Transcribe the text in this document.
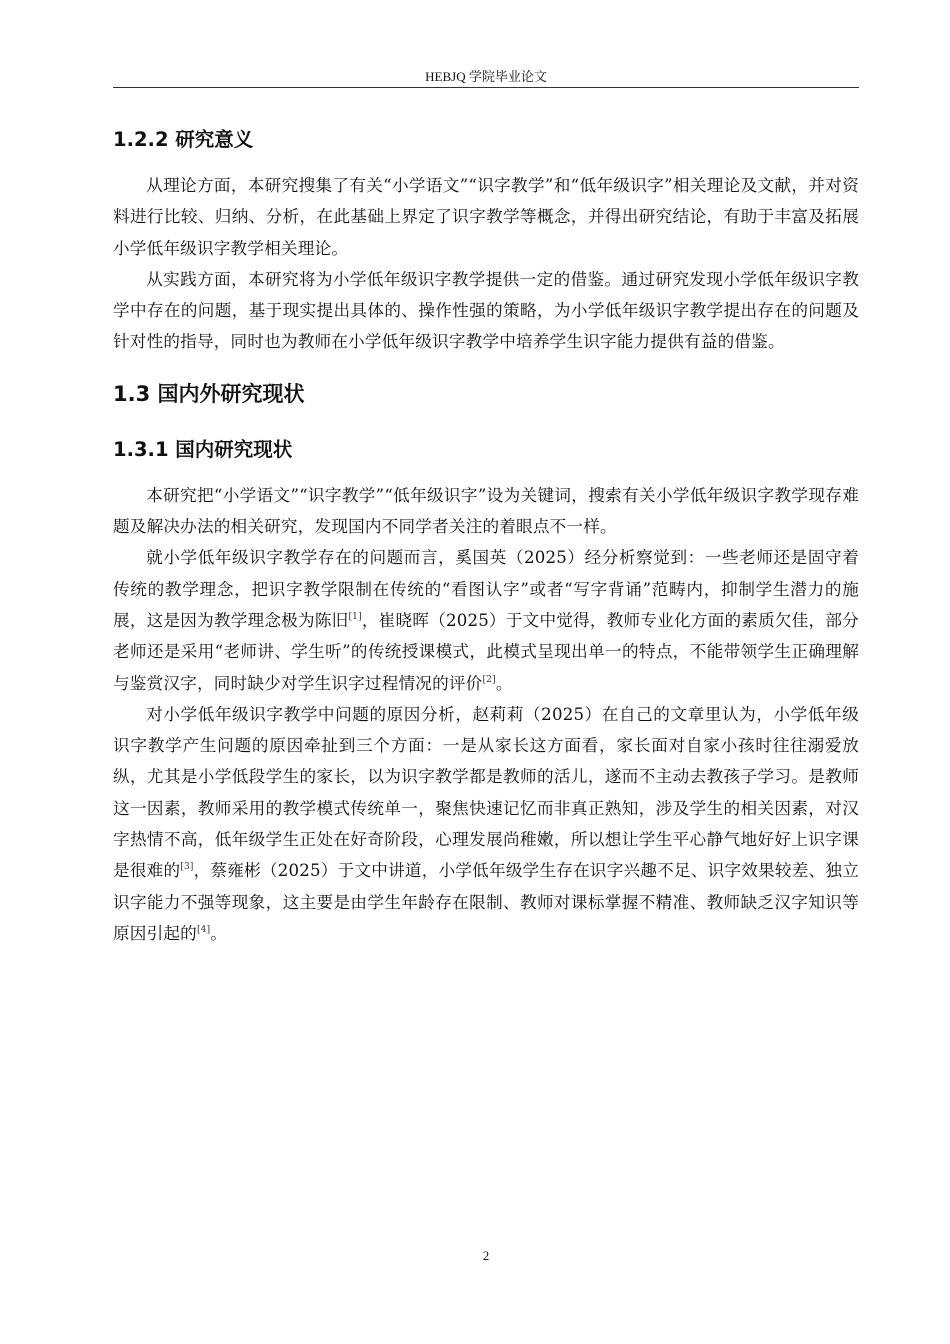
HEBJQ 学院毕业论文
1.2.2 研究意义

从理论方面，本研究搜集了有关“小学语文”“识字教学”和“低年级识字”相关理论及文献，并对资料进行比较、归纳、分析，在此基础上界定了识字教学等概念，并得出研究结论，有助于丰富及拓展小学低年级识字教学相关理论。

从实践方面，本研究将为小学低年级识字教学提供一定的借鉴。通过研究发现小学低年级识字教学中存在的问题，基于现实提出具体的、操作性强的策略，为小学低年级识字教学提出存在的问题及针对性的指导，同时也为教师在小学低年级识字教学中培养学生识字能力提供有益的借鉴。

1.3 国内外研究现状
1.3.1 国内研究现状

本研究把“小学语文”“识字教学”“低年级识字”设为关键词，搜索有关小学低年级识字教学现存难题及解决办法的相关研究，发现国内不同学者关注的着眼点不一样。

就小学低年级识字教学存在的问题而言，奚国英（2025）经分析察觉到：一些老师还是固守着传统的教学理念，把识字教学限制在传统的“看图认字”或者“写字背诵”范畴内，抑制学生潜力的施展，这是因为教学理念极为陈旧[1]，崔晓晖（2025）于文中觉得，教师专业化方面的素质欠佳，部分老师还是采用“老师讲、学生听”的传统授课模式，此模式呈现出单一的特点，不能带领学生正确理解与鉴赏汉字，同时缺少对学生识字过程情况的评价[2]。

对小学低年级识字教学中问题的原因分析，赵莉莉（2025）在自己的文章里认为，小学低年级识字教学产生问题的原因牵扯到三个方面：一是从家长这方面看，家长面对自家小孩时往往溺爱放纵，尤其是小学低段学生的家长，以为识字教学都是教师的活儿，遂而不主动去教孩子学习。是教师这一因素，教师采用的教学模式传统单一，聚焦快速记忆而非真正熟知，涉及学生的相关因素，对汉字热情不高，低年级学生正处在好奇阶段，心理发展尚稚嫩，所以想让学生平心静气地好好上识字课是很难的[3]，蔡雍彬（2025）于文中讲道，小学低年级学生存在识字兴趣不足、识字效果较差、独立识字能力不强等现象，这主要是由学生年龄存在限制、教师对课标掌握不精准、教师缺乏汉字知识等原因引起的[4]。

2
